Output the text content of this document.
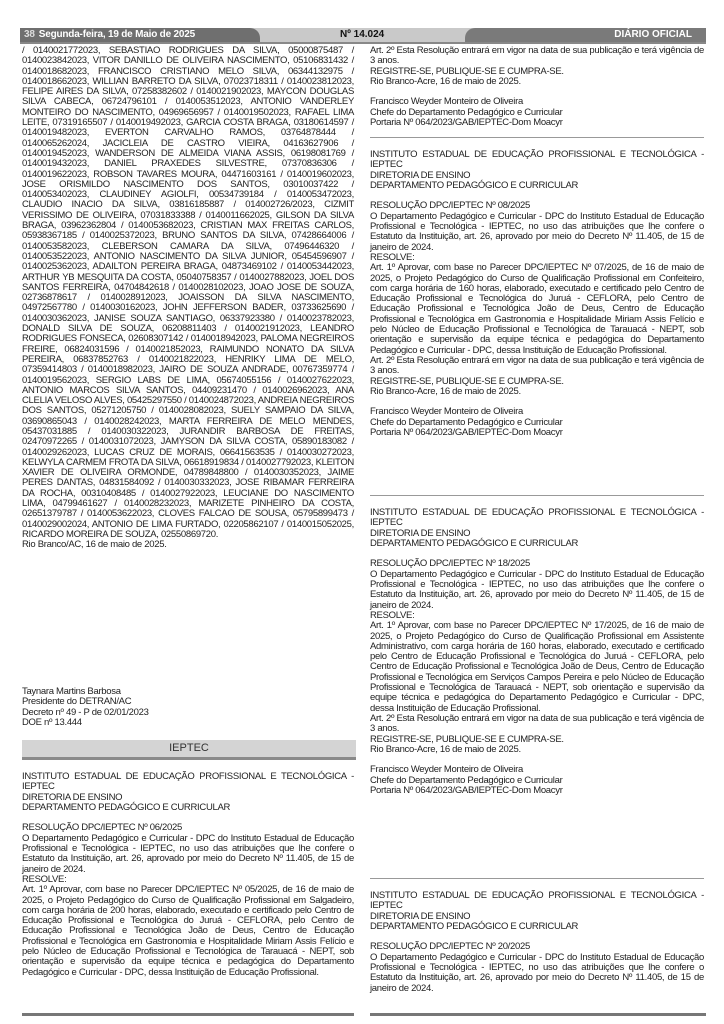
38 Segunda-feira, 19 de Maio de 2025	DIÁRIO OFICIAL
Nº 14.024

/ 0140021772023, SEBASTIAO RODRIGUES DA SILVA, 05000875487 / 0140023842023, VITOR DANILLO DE OLIVEIRA NASCIMENTO, 05106831432 / 0140018682023, FRANCISCO CRISTIANO MELO SILVA, 06344132975 / 0140018662023, WILLIAN BARRETO DA SILVA, 07023718311 / 0140023812023, FELIPE AIRES DA SILVA, 07258382602 / 0140021902023, MAYCON DOUGLAS SILVA CABECA, 06724796101 / 0140053512023, ANTONIO VANDERLEY MONTEIRO DO NASCIMENTO, 04969656957 / 0140019502023, RAFAEL LIMA LEITE, 07319165507 / 0140019492023, GARCIA COSTA BRAGA, 03180614597 / 0140019482023, EVERTON CARVALHO RAMOS, 03764878444 / 0140065262024, JACICLEIA DE CASTRO VIEIRA, 04163627906 / 0140019452023, WANDERSON DE ALMEIDA VIANA ASSIS, 06198081769 / 0140019432023, DANIEL PRAXEDES SILVESTRE, 07370836306 / 0140019622023, ROBSON TAVARES MOURA, 04471603161 / 0140019602023, JOSE ORISMILDO NASCIMENTO DOS SANTOS, 03010037422 / 0140053402023, CLAUDINEY AGIOLFI, 00534739184 / 0140053472023, CLAUDIO INACIO DA SILVA, 03816185887 / 014002726/2023, CIZMIT VERISSIMO DE OLIVEIRA, 07031833388 / 0140011662025, GILSON DA SILVA BRAGA, 03962362804 / 0140053682023, CRISTIAN MAX FREITAS CARLOS, 05938367185 / 0140025372023, BRUNO SANTOS DA SILVA, 07428664006 / 0140053582023, CLEBERSON CAMARA DA SILVA, 07496446320 / 0140053522023, ANTONIO NASCIMENTO DA SILVA JUNIOR, 05454596907 / 0140025362023, ADAILTON PEREIRA BRAGA, 04873469102 / 0140053442023, ARTHUR YB MESQUITA DA COSTA, 05040758357 / 0140027882023, JOEL DOS SANTOS FERREIRA, 04704842618 / 0140028102023, JOAO JOSE DE SOUZA, 02736878617 / 0140028912023, JOAISSON DA SILVA NASCIMENTO, 04972567780 / 0140030162023, JOHN JEFFERSON BADER, 03733625690 / 0140030362023, JANISE SOUZA SANTIAGO, 06337923380 / 0140023782023, DONALD SILVA DE SOUZA, 06208811403 / 0140021912023, LEANDRO RODRIGUES FONSECA, 02608307142 / 0140018942023, PALOMA NEGREIROS FREIRE, 06824031596 / 0140021852023, RAIMUNDO NONATO DA SILVA PEREIRA, 06837852763 / 0140021822023, HENRIKY LIMA DE MELO, 07359414803 / 0140018982023, JAIRO DE SOUZA ANDRADE, 00767359774 / 0140019562023, SERGIO LABS DE LIMA, 05674055156 / 0140027622023, ANTONIO MARCOS SILVA SANTOS, 04409231470 / 0140026962023, ANA CLELIA VELOSO ALVES, 05425297550 / 0140024872023, ANDREIA NEGREIROS DOS SANTOS, 05271205750 / 0140028082023, SUELY SAMPAIO DA SILVA, 03690865043 / 0140028242023, MARTA FERREIRA DE MELO MENDES, 05437031885 / 0140030322023, JURANDIR BARBOSA DE FREITAS, 02470972265 / 0140031072023, JAMYSON DA SILVA COSTA, 05890183082 / 0140029262023, LUCAS CRUZ DE MORAIS, 06641563535 / 0140030272023, KELWYLA CARMEM FROTA DA SILVA, 06618919834 / 0140027792023, KLEITON XAVIER DE OLIVEIRA ORMONDE, 04789848800 / 0140030352023, JAIME PERES DANTAS, 04831584092 / 0140030332023, JOSE RIBAMAR FERREIRA DA ROCHA, 00310408485 / 0140027922023, LEUCIANE DO NASCIMENTO LIMA, 04799461627 / 0140028232023, MARIZETE PINHEIRO DA COSTA, 02651379787 / 0140053622023, CLOVES FALCAO DE SOUSA, 05795899473 / 0140029002024, ANTONIO DE LIMA FURTADO, 02205862107 / 0140015052025, RICARDO MOREIRA DE SOUZA, 02550869720.

Rio Branco/AC, 16 de maio de 2025.

Taynara Martins Barbosa

Presidente do DETRAN/AC

Decreto nº 49 - P de 02/01/2023

DOE nº 13.444

IEPTEC

INSTITUTO ESTADUAL DE EDUCAÇÃO PROFISSIONAL E TECNOLÓGICA - IEPTEC

DIRETORIA DE ENSINO

DEPARTAMENTO PEDAGÓGICO E CURRICULAR

RESOLUÇÃO DPC/IEPTEC Nº 06/2025

O Departamento Pedagógico e Curricular - DPC do Instituto Estadual de Educação Profissional e Tecnológica - IEPTEC, no uso das atribuições que lhe confere o Estatuto da Instituição, art. 26, aprovado por meio do Decreto Nº 11.405, de 15 de janeiro de 2024.

RESOLVE:

Art. 1º Aprovar, com base no Parecer DPC/IEPTEC Nº 05/2025, de 16 de maio de 2025, o Projeto Pedagógico do Curso de Qualificação Profissional em Salgadeiro, com carga horária de 200 horas, elaborado, executado e certificado pelo Centro de Educação Profissional e Tecnológica do Juruá - CEFLORA, pelo Centro de Educação Profissional e Tecnológica João de Deus, Centro de Educação Profissional e Tecnológica em Gastronomia e Hospitalidade Miriam Assis Felício e pelo Núcleo de Educação Profissional e Tecnológica de Tarauacá - NEPT, sob orientação e supervisão da equipe técnica e pedagógica do Departamento Pedagógico e Curricular - DPC, dessa Instituição de Educação Profissional.

Art. 2º Esta Resolução entrará em vigor na data de sua publicação e terá vigência de 3 anos.

REGISTRE-SE, PUBLIQUE-SE E CUMPRA-SE.

Rio Branco-Acre, 16 de maio de 2025.

Francisco Weyder Monteiro de Oliveira

Chefe do Departamento Pedagógico e Curricular

Portaria Nº 064/2023/GAB/IEPTEC-Dom Moacyr

INSTITUTO ESTADUAL DE EDUCAÇÃO PROFISSIONAL E TECNOLÓGICA - IEPTEC

DIRETORIA DE ENSINO

DEPARTAMENTO PEDAGÓGICO E CURRICULAR

RESOLUÇÃO DPC/IEPTEC Nº 08/2025

O Departamento Pedagógico e Curricular - DPC do Instituto Estadual de Educação Profissional e Tecnológica - IEPTEC, no uso das atribuições que lhe confere o Estatuto da Instituição, art. 26, aprovado por meio do Decreto Nº 11.405, de 15 de janeiro de 2024.

RESOLVE:

Art. 1º Aprovar, com base no Parecer DPC/IEPTEC Nº 07/2025, de 16 de maio de 2025, o Projeto Pedagógico do Curso de Qualificação Profissional em Confeiteiro, com carga horária de 160 horas, elaborado, executado e certificado pelo Centro de Educação Profissional e Tecnológica do Juruá - CEFLORA, pelo Centro de Educação Profissional e Tecnológica João de Deus, Centro de Educação Profissional e Tecnológica em Gastronomia e Hospitalidade Miriam Assis Felício e pelo Núcleo de Educação Profissional e Tecnológica de Tarauacá - NEPT, sob orientação e supervisão da equipe técnica e pedagógica do Departamento Pedagógico e Curricular - DPC, dessa Instituição de Educação Profissional.

Art. 2º Esta Resolução entrará em vigor na data de sua publicação e terá vigência de 3 anos.

REGISTRE-SE, PUBLIQUE-SE E CUMPRA-SE.

Rio Branco-Acre, 16 de maio de 2025.

Francisco Weyder Monteiro de Oliveira

Chefe do Departamento Pedagógico e Curricular

Portaria Nº 064/2023/GAB/IEPTEC-Dom Moacyr

INSTITUTO ESTADUAL DE EDUCAÇÃO PROFISSIONAL E TECNOLÓGICA - IEPTEC

DIRETORIA DE ENSINO

DEPARTAMENTO PEDAGÓGICO E CURRICULAR

RESOLUÇÃO DPC/IEPTEC Nº 18/2025

O Departamento Pedagógico e Curricular - DPC do Instituto Estadual de Educação Profissional e Tecnológica - IEPTEC, no uso das atribuições que lhe confere o Estatuto da Instituição, art. 26, aprovado por meio do Decreto Nº 11.405, de 15 de janeiro de 2024.

RESOLVE:

Art. 1º Aprovar, com base no Parecer DPC/IEPTEC Nº 17/2025, de 16 de maio de 2025, o Projeto Pedagógico do Curso de Qualificação Profissional em Assistente Administrativo, com carga horária de 160 horas, elaborado, executado e certificado pelo Centro de Educação Profissional e Tecnológica do Juruá - CEFLORA, pelo Centro de Educação Profissional e Tecnológica João de Deus, Centro de Educação Profissional e Tecnológica em Serviços Campos Pereira e pelo Núcleo de Educação Profissional e Tecnológica de Tarauacá - NEPT, sob orientação e supervisão da equipe técnica e pedagógica do Departamento Pedagógico e Curricular - DPC, dessa Instituição de Educação Profissional.

Art. 2º Esta Resolução entrará em vigor na data de sua publicação e terá vigência de 3 anos.

REGISTRE-SE, PUBLIQUE-SE E CUMPRA-SE.

Rio Branco-Acre, 16 de maio de 2025.

Francisco Weyder Monteiro de Oliveira

Chefe do Departamento Pedagógico e Curricular

Portaria Nº 064/2023/GAB/IEPTEC-Dom Moacyr

INSTITUTO ESTADUAL DE EDUCAÇÃO PROFISSIONAL E TECNOLÓGICA - IEPTEC

DIRETORIA DE ENSINO

DEPARTAMENTO PEDAGÓGICO E CURRICULAR

RESOLUÇÃO DPC/IEPTEC Nº 20/2025

O Departamento Pedagógico e Curricular - DPC do Instituto Estadual de Educação Profissional e Tecnológica - IEPTEC, no uso das atribuições que lhe confere o Estatuto da Instituição, art. 26, aprovado por meio do Decreto Nº 11.405, de 15 de janeiro de 2024.
